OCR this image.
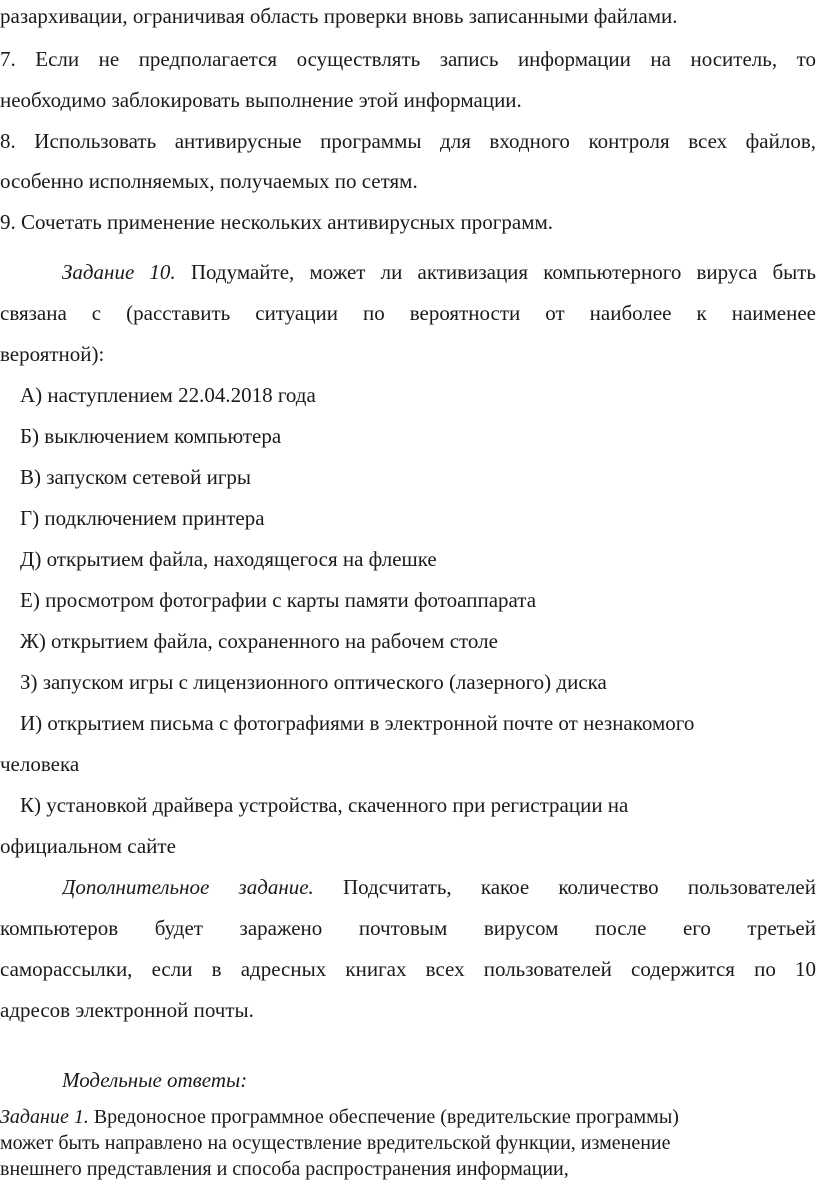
разархивации, ограничивая область проверки вновь записанными файлами.
7. Если не предполагается осуществлять запись информации на носитель, то
необходимо заблокировать выполнение этой информации.
8. Использовать антивирусные программы для входного контроля всех файлов,
особенно исполняемых, получаемых по сетям.
9. Сочетать применение нескольких антивирусных программ.
Задание 10. Подумайте, может ли активизация компьютерного вируса быть
связана с (расставить ситуации по вероятности от наиболее к наименее
вероятной):
А) наступлением 22.04.2018 года
Б) выключением компьютера
В) запуском сетевой игры
Г) подключением принтера
Д) открытием файла, находящегося на флешке
Е) просмотром фотографии с карты памяти фотоаппарата
Ж) открытием файла, сохраненного на рабочем столе
З) запуском игры с лицензионного оптического (лазерного) диска
И) открытием письма с фотографиями в электронной почте от незнакомого
человека
К) установкой драйвера устройства, скаченного при регистрации на
официальном сайте
Дополнительное задание. Подсчитать, какое количество пользователей
компьютеров будет заражено почтовым вирусом после его третьей
саморассылки, если в адресных книгах всех пользователей содержится по 10
адресов электронной почты.
Модельные ответы:
Задание 1. Вредоносное программное обеспечение (вредительские программы)
может быть направлено на осуществление вредительской функции, изменение
внешнего представления и способа распространения информации,
